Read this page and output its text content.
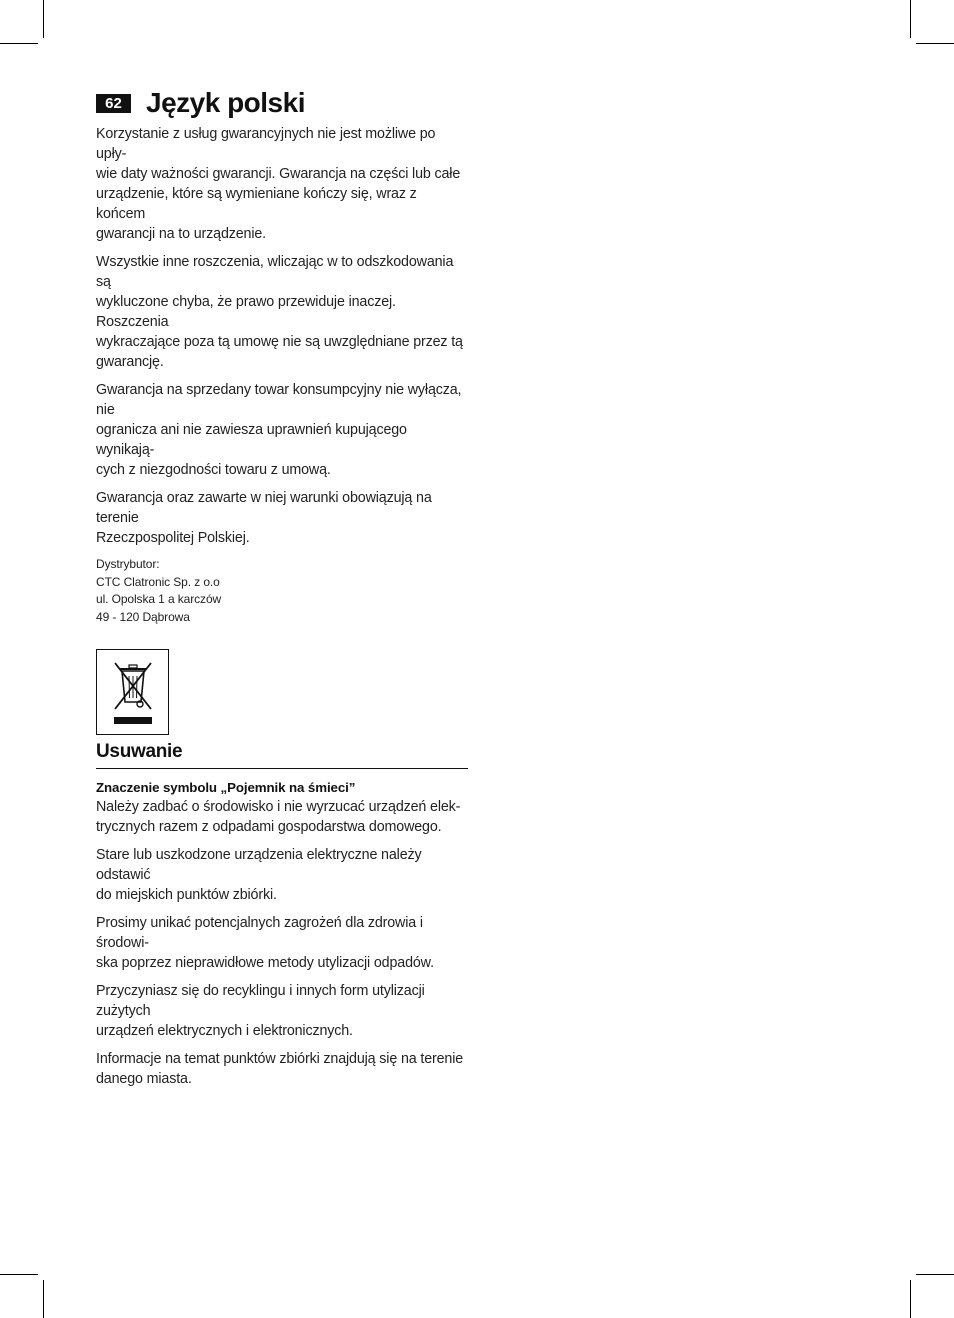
62 Język polski

Korzystanie z usług gwarancyjnych nie jest możliwe po upły-
wie daty ważności gwarancji. Gwarancja na części lub całe
urządzenie, które są wymieniane kończy się, wraz z końcem
gwarancji na to urządzenie.

Wszystkie inne roszczenia, wliczając w to odszkodowania są
wykluczone chyba, że prawo przewiduje inaczej. Roszczenia
wykraczające poza tą umowę nie są uwzględniane przez tą
gwarancję.

Gwarancja na sprzedany towar konsumpcyjny nie wyłącza, nie
ogranicza ani nie zawiesza uprawnień kupującego wynikają-
cych z niezgodności towaru z umową.

Gwarancja oraz zawarte w niej warunki obowiązują na terenie
Rzeczpospolitej Polskiej.

Dystrybutor:
CTC Clatronic Sp. z o.o
ul. Opolska 1 a karczów
49 - 120 Dąbrowa
Usuwanie
Znaczenie symbolu „Pojemnik na śmieci”

Należy zadbać o środowisko i nie wyrzucać urządzeń elek-
trycznych razem z odpadami gospodarstwa domowego.

Stare lub uszkodzone urządzenia elektryczne należy odstawić
do miejskich punktów zbiórki.

Prosimy unikać potencjalnych zagrożeń dla zdrowia i środowi-
ska poprzez nieprawidłowe metody utylizacji odpadów.

Przyczyniasz się do recyklingu i innych form utylizacji zużytych
urządzeń elektrycznych i elektronicznych.

Informacje na temat punktów zbiórki znajdują się na terenie
danego miasta.
